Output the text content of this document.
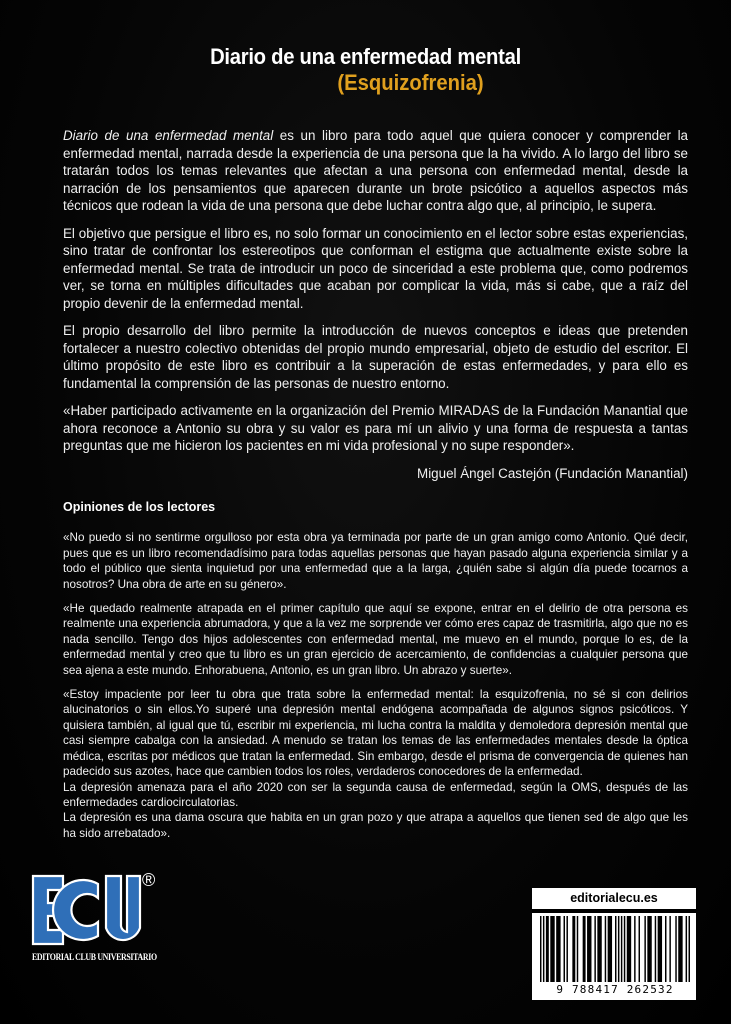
Diario de una enfermedad mental
(Esquizofrenia)

Diario de una enfermedad mental es un libro para todo aquel que quiera conocer y comprender la enfermedad mental, narrada desde la experiencia de una persona que la ha vivido. A lo largo del libro se tratarán todos los temas relevantes que afectan a una persona con enfermedad mental, desde la narración de los pensamientos que aparecen durante un brote psicótico a aquellos aspectos más técnicos que rodean la vida de una persona que debe luchar contra algo que, al principio, le supera.

El objetivo que persigue el libro es, no solo formar un conocimiento en el lector sobre estas experiencias, sino tratar de confrontar los estereotipos que conforman el estigma que actualmente existe sobre la enfermedad mental. Se trata de introducir un poco de sinceridad a este problema que, como podremos ver, se torna en múltiples dificultades que acaban por complicar la vida, más si cabe, que a raíz del propio devenir de la enfermedad mental.

El propio desarrollo del libro permite la introducción de nuevos conceptos e ideas que pretenden fortalecer a nuestro colectivo obtenidas del propio mundo empresarial, objeto de estudio del escritor. El último propósito de este libro es contribuir a la superación de estas enfermedades, y para ello es fundamental la comprensión de las personas de nuestro entorno.

«Haber participado activamente en la organización del Premio MIRADAS de la Fundación Manantial que ahora reconoce a Antonio su obra y su valor es para mí un alivio y una forma de respuesta a tantas preguntas que me hicieron los pacientes en mi vida profesional y no supe responder».

Miguel Ángel Castejón (Fundación Manantial)

Opiniones de los lectores

«No puedo si no sentirme orgulloso por esta obra ya terminada por parte de un gran amigo como Antonio. Qué decir, pues que es un libro recomendadísimo para todas aquellas personas que hayan pasado alguna experiencia similar y a todo el público que sienta inquietud por una enfermedad que a la larga, ¿quién sabe si algún día puede tocarnos a nosotros? Una obra de arte en su género».

«He quedado realmente atrapada en el primer capítulo que aquí se expone, entrar en el delirio de otra persona es realmente una experiencia abrumadora, y que a la vez me sorprende ver cómo eres capaz de trasmitirla, algo que no es nada sencillo. Tengo dos hijos adolescentes con enfermedad mental, me muevo en el mundo, porque lo es, de la enfermedad mental y creo que tu libro es un gran ejercicio de acercamiento, de confidencias a cualquier persona que sea ajena a este mundo. Enhorabuena, Antonio, es un gran libro. Un abrazo y suerte».

«Estoy impaciente por leer tu obra que trata sobre la enfermedad mental: la esquizofrenia, no sé si con delirios alucinatorios o sin ellos.Yo superé una depresión mental endógena acompañada de algunos signos psicóticos. Y quisiera también, al igual que tú, escribir mi experiencia, mi lucha contra la maldita y demoledora depresión mental que casi siempre cabalga con la ansiedad. A menudo se tratan los temas de las enfermedades mentales desde la óptica médica, escritas por médicos que tratan la enfermedad. Sin embargo, desde el prisma de convergencia de quienes han padecido sus azotes, hace que cambien todos los roles, verdaderos conocedores de la enfermedad.

La depresión amenaza para el año 2020 con ser la segunda causa de enfermedad, según la OMS, después de las enfermedades cardiocirculatorias.

La depresión es una dama oscura que habita en un gran pozo y que atrapa a aquellos que tienen sed de algo que les ha sido arrebatado».

®
EDITORIAL CLUB UNIVERSITARIO
editorialecu.es
9 788417 262532
